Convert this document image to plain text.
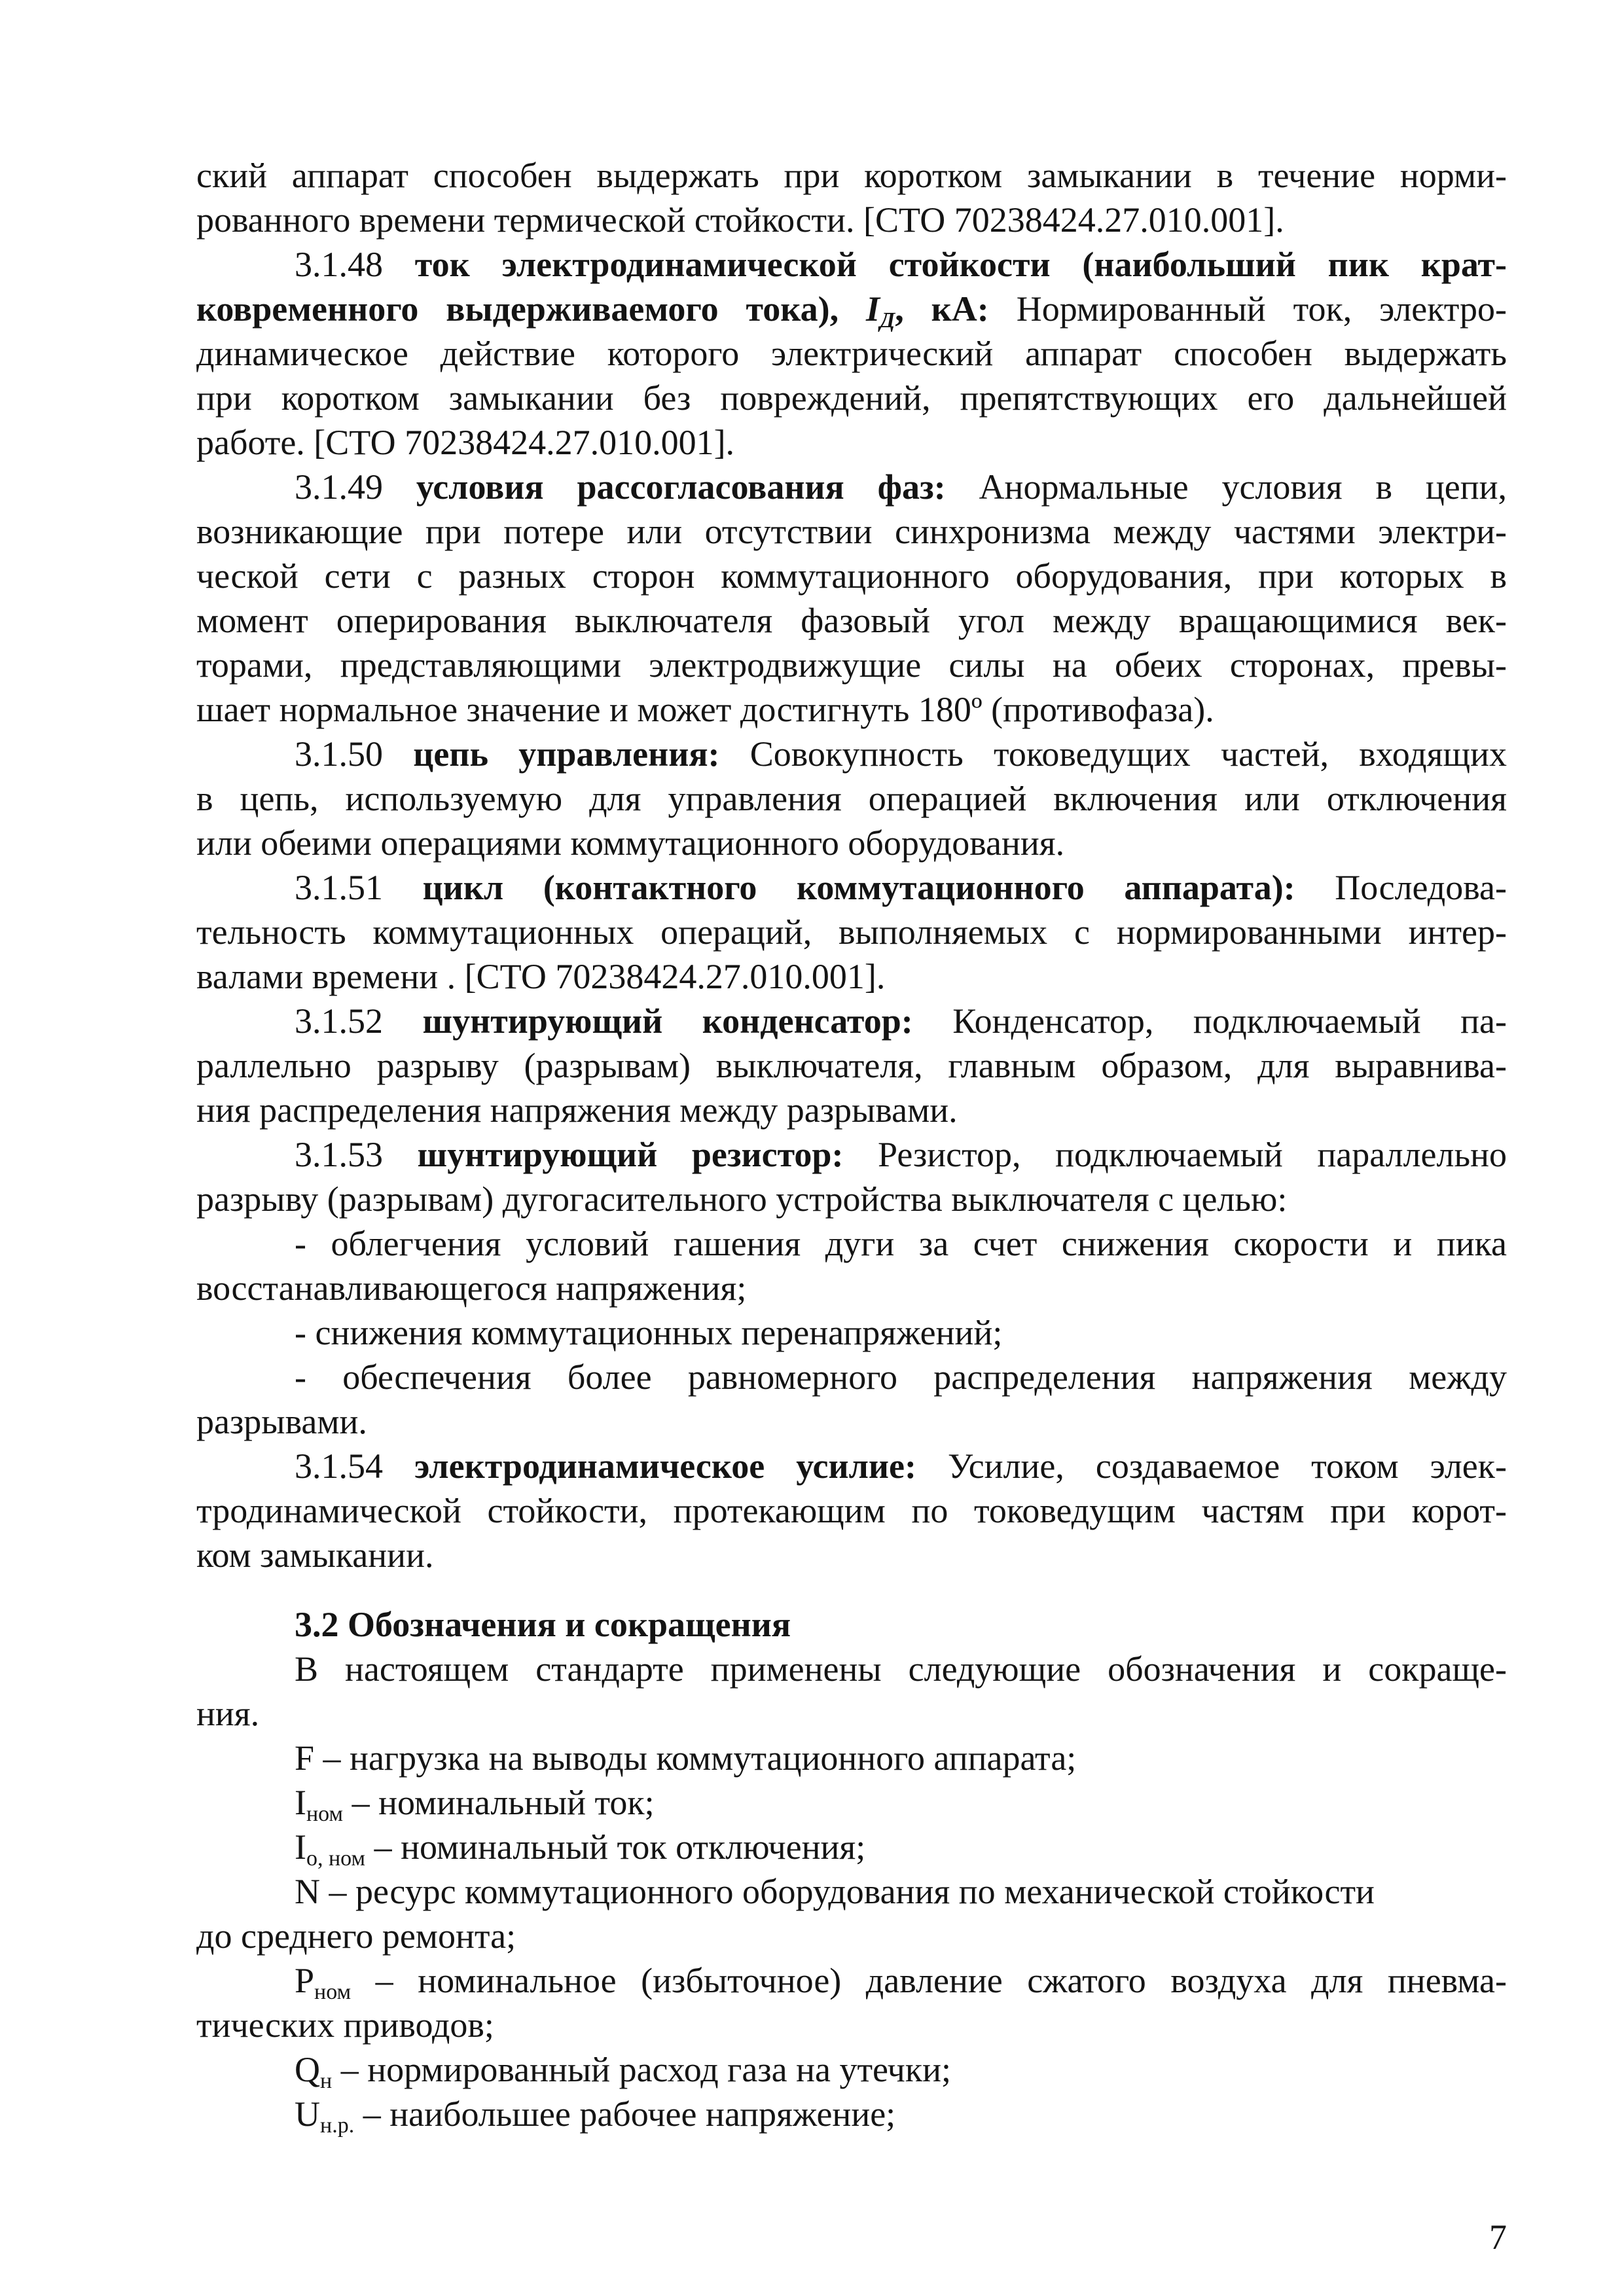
ский аппарат способен выдержать при коротком замыкании в течение норми-
рованного времени термической стойкости. [СТО 70238424.27.010.001].
3.1.48 ток электродинамической стойкости (наибольший пик крат-
ковременного выдерживаемого тока), $I_Д$, кА: Нормированный ток, электро-
динамическое действие которого электрический аппарат способен выдержать
при коротком замыкании без повреждений, препятствующих его дальнейшей
работе. [СТО 70238424.27.010.001].
3.1.49 условия рассогласования фаз: Анормальные условия в цепи,
возникающие при потере или отсутствии синхронизма между частями электри-
ческой сети с разных сторон коммутационного оборудования, при которых в
момент оперирования выключателя фазовый угол между вращающимися век-
торами, представляющими электродвижущие силы на обеих сторонах, превы-
шает нормальное значение и может достигнуть 180º (противофаза).
3.1.50 цепь управления: Совокупность токоведущих частей, входящих
в цепь, используемую для управления операцией включения или отключения
или обеими операциями коммутационного оборудования.
3.1.51 цикл (контактного коммутационного аппарата): Последова-
тельность коммутационных операций, выполняемых с нормированными интер-
валами времени . [СТО 70238424.27.010.001].
3.1.52 шунтирующий конденсатор: Конденсатор, подключаемый па-
раллельно разрыву (разрывам) выключателя, главным образом, для выравнива-
ния распределения напряжения между разрывами.
3.1.53 шунтирующий резистор: Резистор, подключаемый параллельно
разрыву (разрывам) дугогасительного устройства выключателя с целью:
- облегчения условий гашения дуги за счет снижения скорости и пика
восстанавливающегося напряжения;
- снижения коммутационных перенапряжений;
- обеспечения более равномерного распределения напряжения между
разрывами.
3.1.54 электродинамическое усилие: Усилие, создаваемое током элек-
тродинамической стойкости, протекающим по токоведущим частям при корот-
ком замыкании.
3.2 Обозначения и сокращения
В настоящем стандарте применены следующие обозначения и сокраще-
ния.
F – нагрузка на выводы коммутационного аппарата;
$I_{ном}$ – номинальный ток;
$I_{о, ном}$ – номинальный ток отключения;
N – ресурс коммутационного оборудования по механической стойкости
до среднего ремонта;
$P_{ном}$ – номинальное (избыточное) давление сжатого воздуха для пневма-
тических приводов;
$Q_н$ – нормированный расход газа на утечки;
$U_{н.р.}$ – наибольшее рабочее напряжение;
7
